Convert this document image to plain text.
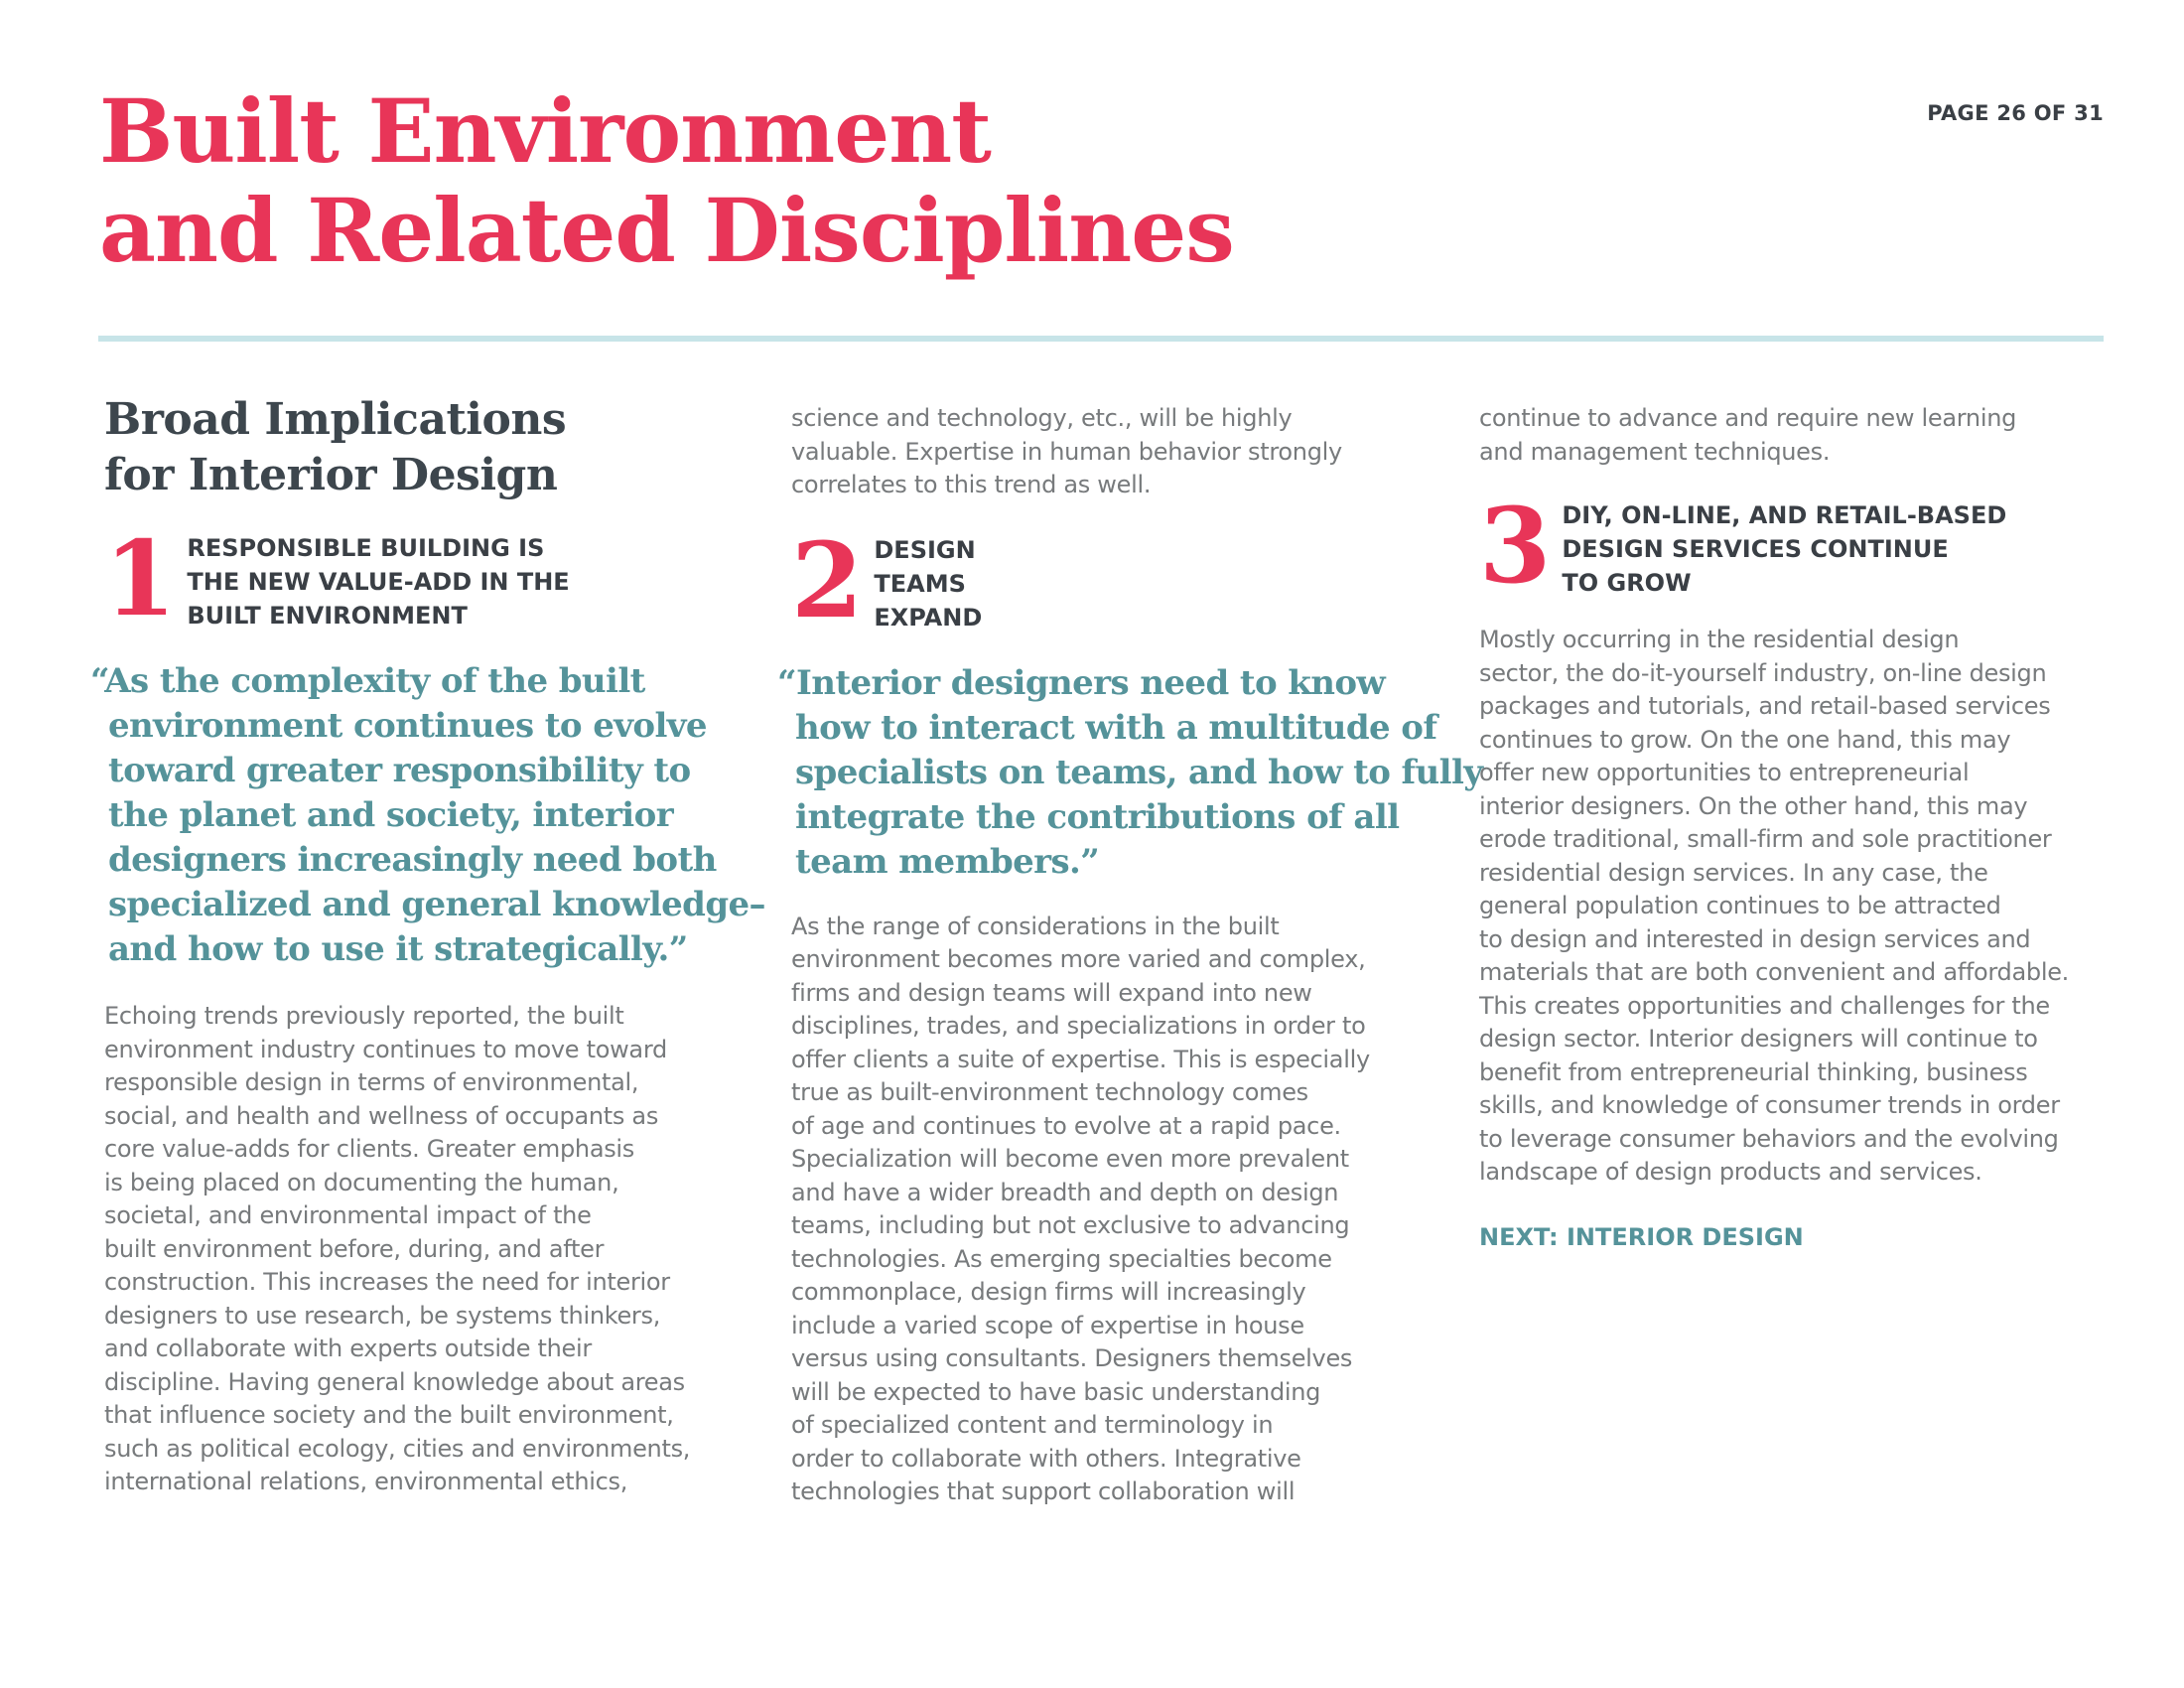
Built Environment
and Related Disciplines
PAGE 26 OF 31
Broad Implications
for Interior Design
1 RESPONSIBLE BUILDING IS
THE NEW VALUE-ADD IN THE
BUILT ENVIRONMENT
“As the complexity of the built
environment continues to evolve
toward greater responsibility to
the planet and society, interior
designers increasingly need both
specialized and general knowledge–
and how to use it strategically.”
Echoing trends previously reported, the built
environment industry continues to move toward
responsible design in terms of environmental,
social, and health and wellness of occupants as
core value-adds for clients. Greater emphasis
is being placed on documenting the human,
societal, and environmental impact of the
built environment before, during, and after
construction. This increases the need for interior
designers to use research, be systems thinkers,
and collaborate with experts outside their
discipline. Having general knowledge about areas
that influence society and the built environment,
such as political ecology, cities and environments,
international relations, environmental ethics,
science and technology, etc., will be highly
valuable. Expertise in human behavior strongly
correlates to this trend as well.
2 DESIGN
TEAMS
EXPAND
“Interior designers need to know
how to interact with a multitude of
specialists on teams, and how to fully
integrate the contributions of all
team members.”
As the range of considerations in the built
environment becomes more varied and complex,
firms and design teams will expand into new
disciplines, trades, and specializations in order to
offer clients a suite of expertise. This is especially
true as built-environment technology comes
of age and continues to evolve at a rapid pace.
Specialization will become even more prevalent
and have a wider breadth and depth on design
teams, including but not exclusive to advancing
technologies. As emerging specialties become
commonplace, design firms will increasingly
include a varied scope of expertise in house
versus using consultants. Designers themselves
will be expected to have basic understanding
of specialized content and terminology in
order to collaborate with others. Integrative
technologies that support collaboration will
continue to advance and require new learning
and management techniques.
3 DIY, ON-LINE, AND RETAIL-BASED
DESIGN SERVICES CONTINUE
TO GROW
Mostly occurring in the residential design
sector, the do-it-yourself industry, on-line design
packages and tutorials, and retail-based services
continues to grow. On the one hand, this may
offer new opportunities to entrepreneurial
interior designers. On the other hand, this may
erode traditional, small-firm and sole practitioner
residential design services. In any case, the
general population continues to be attracted
to design and interested in design services and
materials that are both convenient and affordable.
This creates opportunities and challenges for the
design sector. Interior designers will continue to
benefit from entrepreneurial thinking, business
skills, and knowledge of consumer trends in order
to leverage consumer behaviors and the evolving
landscape of design products and services.
NEXT: INTERIOR DESIGN
